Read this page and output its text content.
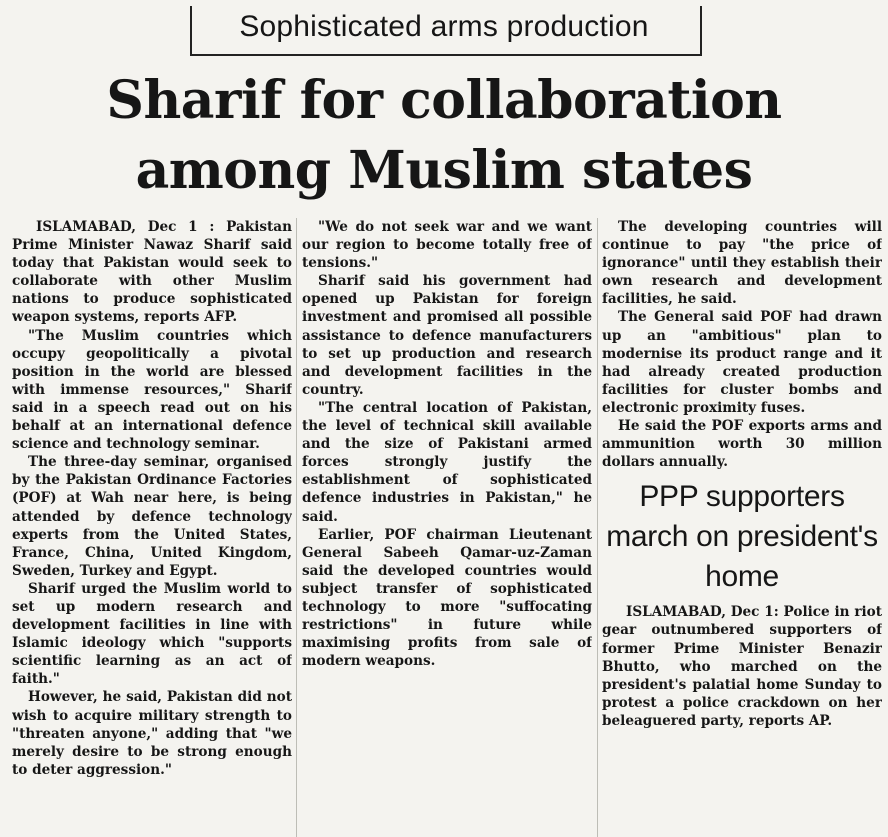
Sophisticated arms production
Sharif for collaboration
among Muslim states

ISLAMABAD, Dec 1 : Pakistan Prime Minister Nawaz Sharif said today that Pakistan would seek to collaborate with other Muslim nations to produce sophisticated weapon systems, reports AFP.

"The Muslim countries which occupy geopolitically a pivotal position in the world are blessed with immense resources," Sharif said in a speech read out on his behalf at an international defence science and technology seminar.

The three-day seminar, organised by the Pakistan Ordinance Factories (POF) at Wah near here, is being attended by defence technology experts from the United States, France, China, United Kingdom, Sweden, Turkey and Egypt.

Sharif urged the Muslim world to set up modern research and development facilities in line with Islamic ideology which "supports scientific learning as an act of faith."

However, he said, Pakistan did not wish to acquire military strength to "threaten anyone," adding that "we merely desire to be strong enough to deter aggression."

"We do not seek war and we want our region to become totally free of tensions."

Sharif said his government had opened up Pakistan for foreign investment and promised all possible assistance to defence manufacturers to set up production and research and development facilities in the country.

"The central location of Pakistan, the level of technical skill available and the size of Pakistani armed forces strongly justify the establishment of sophisticated defence industries in Pakistan," he said.

Earlier, POF chairman Lieutenant General Sabeeh Qamar-uz-Zaman said the developed countries would subject transfer of sophisticated technology to more "suffocating restrictions" in future while maximising profits from sale of modern weapons.

The developing countries will continue to pay "the price of ignorance" until they establish their own research and development facilities, he said.

The General said POF had drawn up an "ambitious" plan to modernise its product range and it had already created production facilities for cluster bombs and electronic proximity fuses.

He said the POF exports arms and ammunition worth 30 million dollars annually.

PPP supporters march on president's home

ISLAMABAD, Dec 1: Police in riot gear outnumbered supporters of former Prime Minister Benazir Bhutto, who marched on the president's palatial home Sunday to protest a police crackdown on her beleaguered party, reports AP.
